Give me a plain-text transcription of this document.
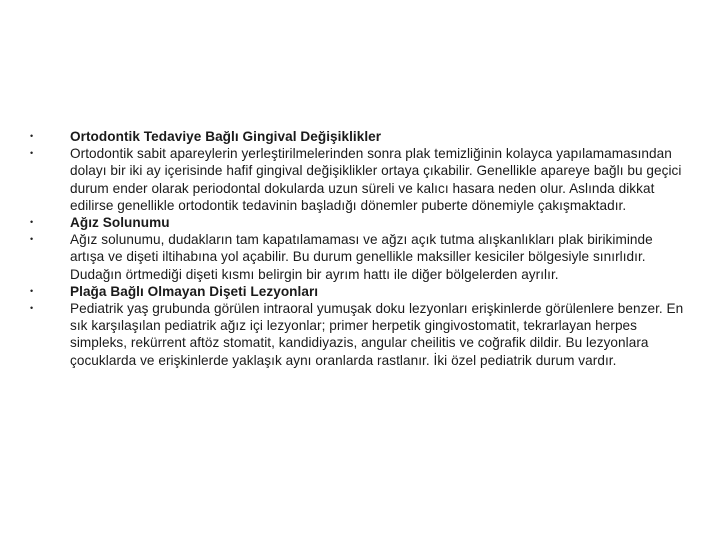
•	Ortodontik Tedaviye Bağlı Gingival Değişiklikler
•	Ortodontik sabit apareylerin yerleştirilmelerinden sonra plak temizliğinin kolayca yapılamamasından dolayı bir iki ay içerisinde hafif gingival değişiklikler ortaya çıkabilir. Genellikle apareye bağlı bu geçici durum ender olarak periodontal dokularda uzun süreli ve kalıcı hasara neden olur. Aslında dikkat edilirse genellikle ortodontik tedavinin başladığı dönemler puberte dönemiyle çakışmaktadır.
•	Ağız Solunumu
•	Ağız solunumu, dudakların tam kapatılamaması ve ağzı açık tutma alışkanlıkları plak birikiminde artışa ve dişeti iltihabına yol açabilir. Bu durum genellikle maksiller kesiciler bölgesiyle sınırlıdır. Dudağın örtmediği dişeti kısmı belirgin bir ayrım hattı ile diğer bölgelerden ayrılır.
•	Plağa Bağlı Olmayan Dişeti Lezyonları
•	Pediatrik yaş grubunda görülen intraoral yumuşak doku lezyonları erişkinlerde görülenlere benzer. En sık karşılaşılan pediatrik ağız içi lezyonlar; primer herpetik gingivostomatit, tekrarlayan herpes simpleks, rekürrent aftöz stomatit, kandidiyazis, angular cheilitis ve coğrafik dildir. Bu lezyonlara çocuklarda ve erişkinlerde yaklaşık aynı oranlarda rastlanır. İki özel pediatrik durum vardır.
